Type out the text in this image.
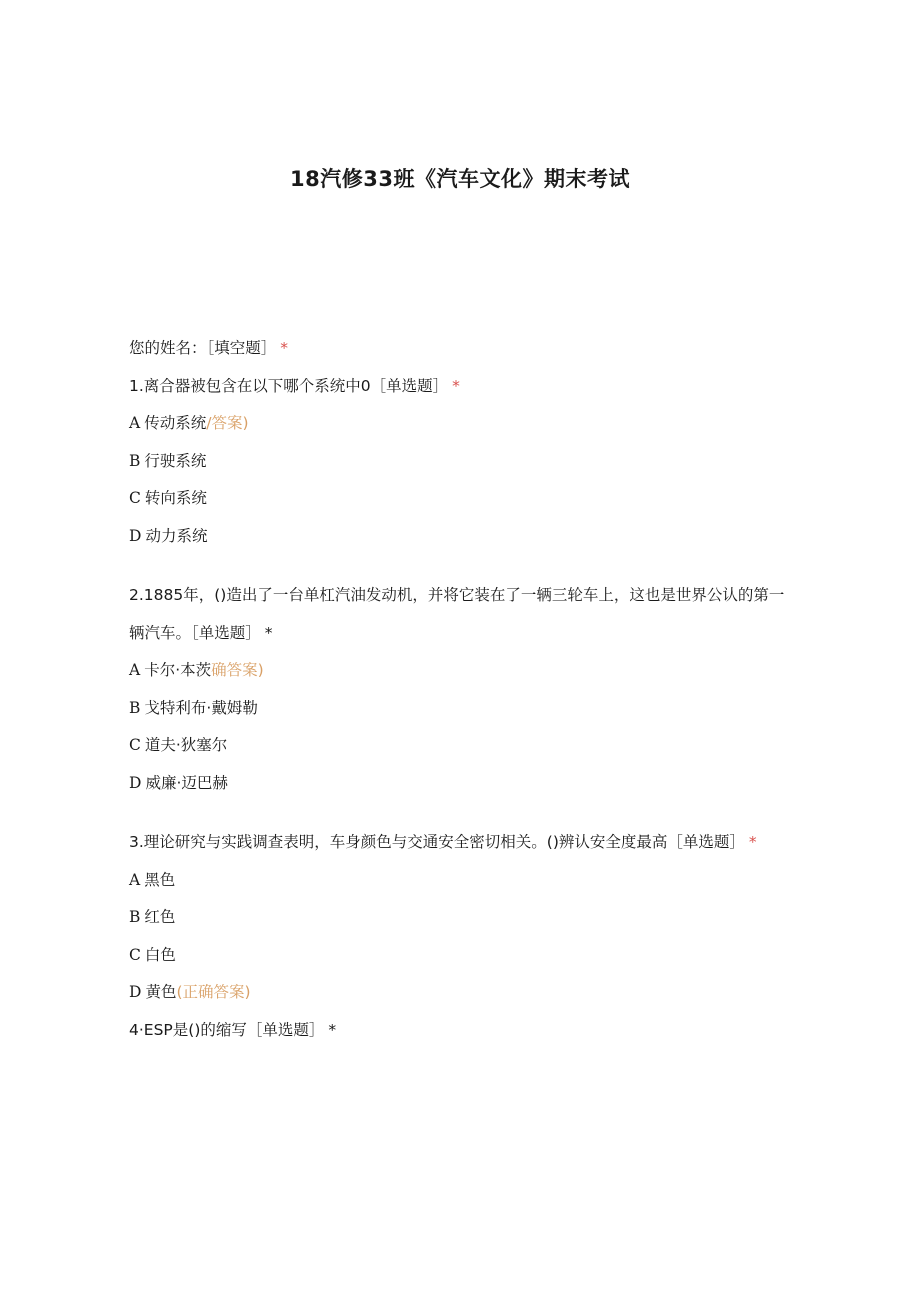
18汽修33班《汽车文化》期末考试
您的姓名：［填空题］ *
1.离合器被包含在以下哪个系统中0［单选题］ *
A 传动系统/答案)
B 行驶系统
C 转向系统
D 动力系统
2.1885年，()造出了一台单杠汽油发动机，并将它装在了一辆三轮车上，这也是世界公认的第一辆汽车。［单选题］ *
A 卡尔·本茨确答案)
B 戈特利布·戴姆勒
C 道夫·狄塞尔
D 威廉·迈巴赫
3.理论研究与实践调查表明，车身颜色与交通安全密切相关。()辨认安全度最高［单选题］ *
A 黑色
B 红色
C 白色
D 黄色(正确答案)
4·ESP是()的缩写［单选题］ *
